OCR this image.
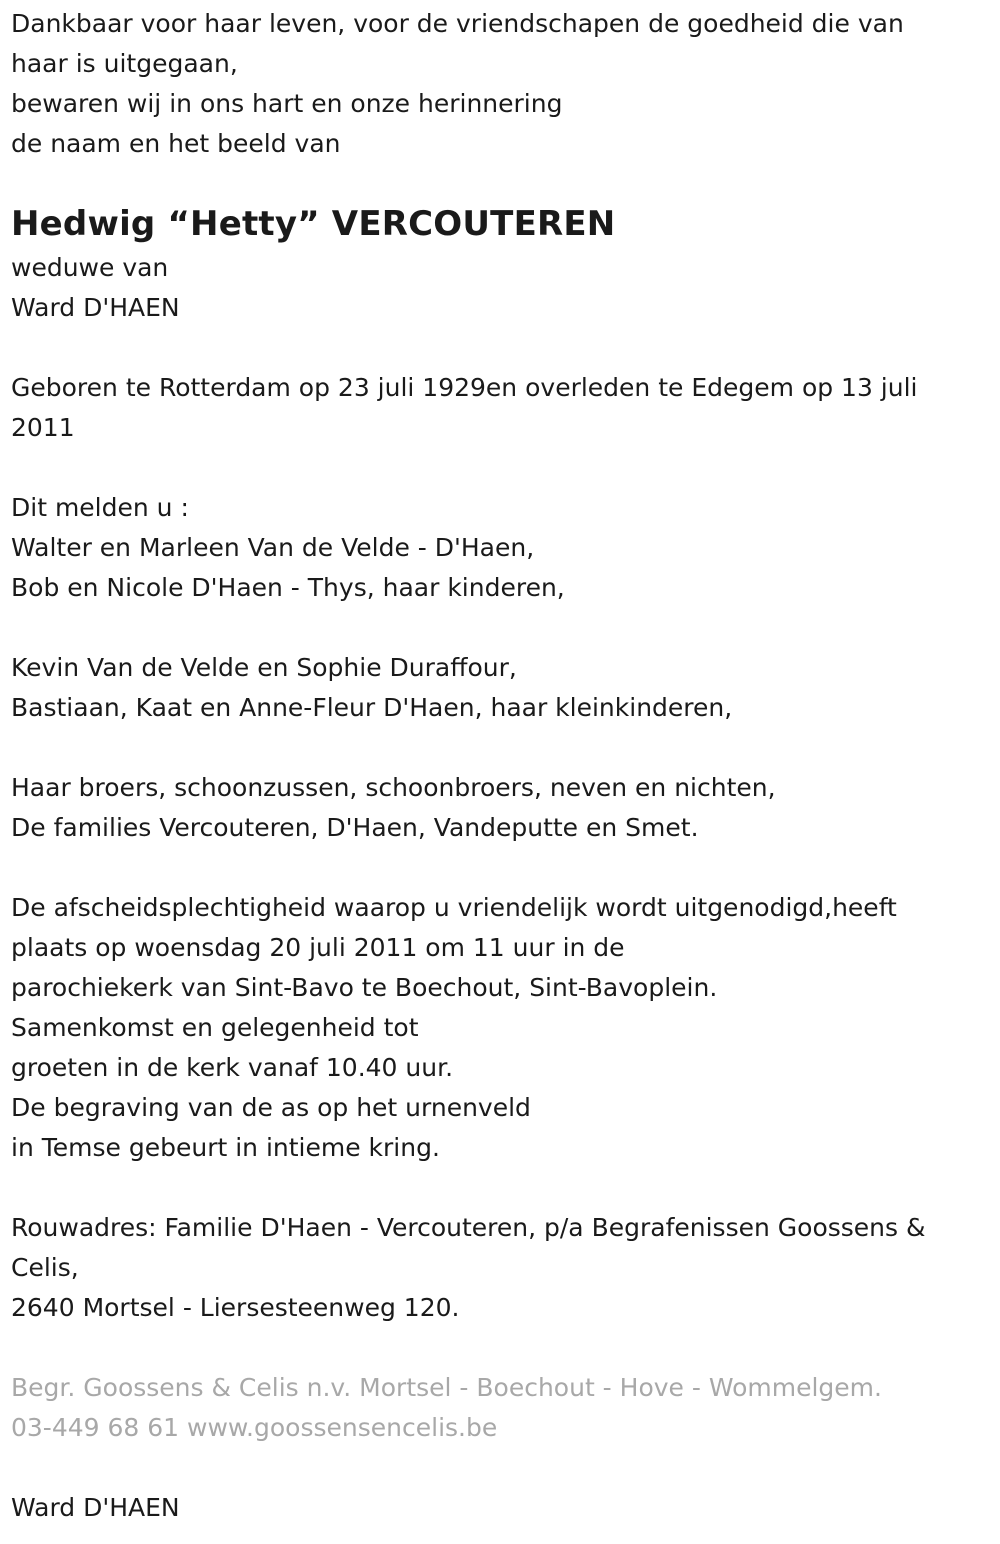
Dankbaar voor haar leven, voor de vriendschapen de goedheid die van
haar is uitgegaan,
bewaren wij in ons hart en onze herinnering
de naam en het beeld van
Hedwig “Hetty” VERCOUTEREN
weduwe van
Ward D'HAEN
Geboren te Rotterdam op 23 juli 1929en overleden te Edegem op 13 juli
2011
Dit melden u :
Walter en Marleen Van de Velde - D'Haen,
Bob en Nicole D'Haen - Thys, haar kinderen,
Kevin Van de Velde en Sophie Duraffour,
Bastiaan, Kaat en Anne-Fleur D'Haen, haar kleinkinderen,
Haar broers, schoonzussen, schoonbroers, neven en nichten,
De families Vercouteren, D'Haen, Vandeputte en Smet.
De afscheidsplechtigheid waarop u vriendelijk wordt uitgenodigd,heeft
plaats op woensdag 20 juli 2011 om 11 uur in de
parochiekerk van Sint-Bavo te Boechout, Sint-Bavoplein.
Samenkomst en gelegenheid tot
groeten in de kerk vanaf 10.40 uur.
De begraving van de as op het urnenveld
in Temse gebeurt in intieme kring.
Rouwadres: Familie D'Haen - Vercouteren, p/a Begrafenissen Goossens &
Celis,
2640 Mortsel - Liersesteenweg 120.
Begr. Goossens & Celis n.v. Mortsel - Boechout - Hove - Wommelgem.
03-449 68 61 www.goossensencelis.be
Ward D'HAEN
